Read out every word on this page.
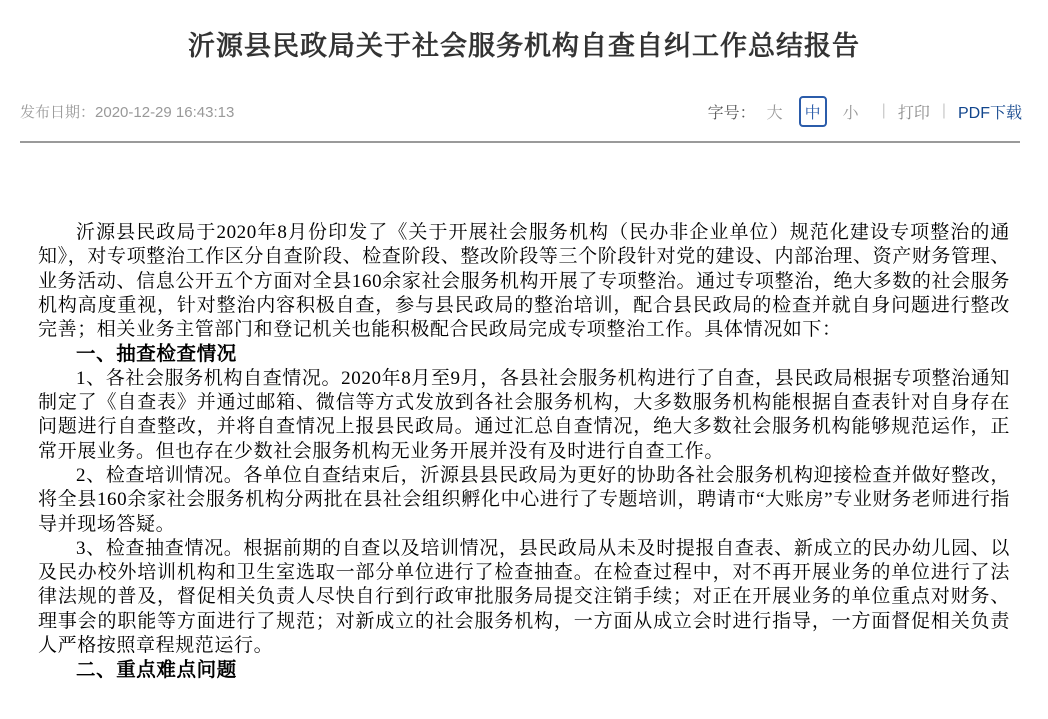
沂源县民政局关于社会服务机构自查自纠工作总结报告
发布日期：2020-12-29 16:43:13	字号： 大	中	小	| 打印 | PDF下载

沂源县民政局于2020年8月份印发了《关于开展社会服务机构（民办非企业单位）规范化建设专项整治的通知》，对专项整治工作区分自查阶段、检查阶段、整改阶段等三个阶段针对党的建设、内部治理、资产财务管理、业务活动、信息公开五个方面对全县160余家社会服务机构开展了专项整治。通过专项整治，绝大多数的社会服务机构高度重视，针对整治内容积极自查，参与县民政局的整治培训，配合县民政局的检查并就自身问题进行整改完善；相关业务主管部门和登记机关也能积极配合民政局完成专项整治工作。具体情况如下：

一、抽查检查情况

1、各社会服务机构自查情况。2020年8月至9月，各县社会服务机构进行了自查，县民政局根据专项整治通知制定了《自查表》并通过邮箱、微信等方式发放到各社会服务机构，大多数服务机构能根据自查表针对自身存在问题进行自查整改，并将自查情况上报县民政局。通过汇总自查情况，绝大多数社会服务机构能够规范运作，正常开展业务。但也存在少数社会服务机构无业务开展并没有及时进行自查工作。

2、检查培训情况。各单位自查结束后，沂源县县民政局为更好的协助各社会服务机构迎接检查并做好整改，将全县160余家社会服务机构分两批在县社会组织孵化中心进行了专题培训，聘请市“大账房”专业财务老师进行指导并现场答疑。

3、检查抽查情况。根据前期的自查以及培训情况，县民政局从未及时提报自查表、新成立的民办幼儿园、以及民办校外培训机构和卫生室选取一部分单位进行了检查抽查。在检查过程中，对不再开展业务的单位进行了法律法规的普及，督促相关负责人尽快自行到行政审批服务局提交注销手续；对正在开展业务的单位重点对财务、理事会的职能等方面进行了规范；对新成立的社会服务机构，一方面从成立会时进行指导，一方面督促相关负责人严格按照章程规范运行。

二、重点难点问题
